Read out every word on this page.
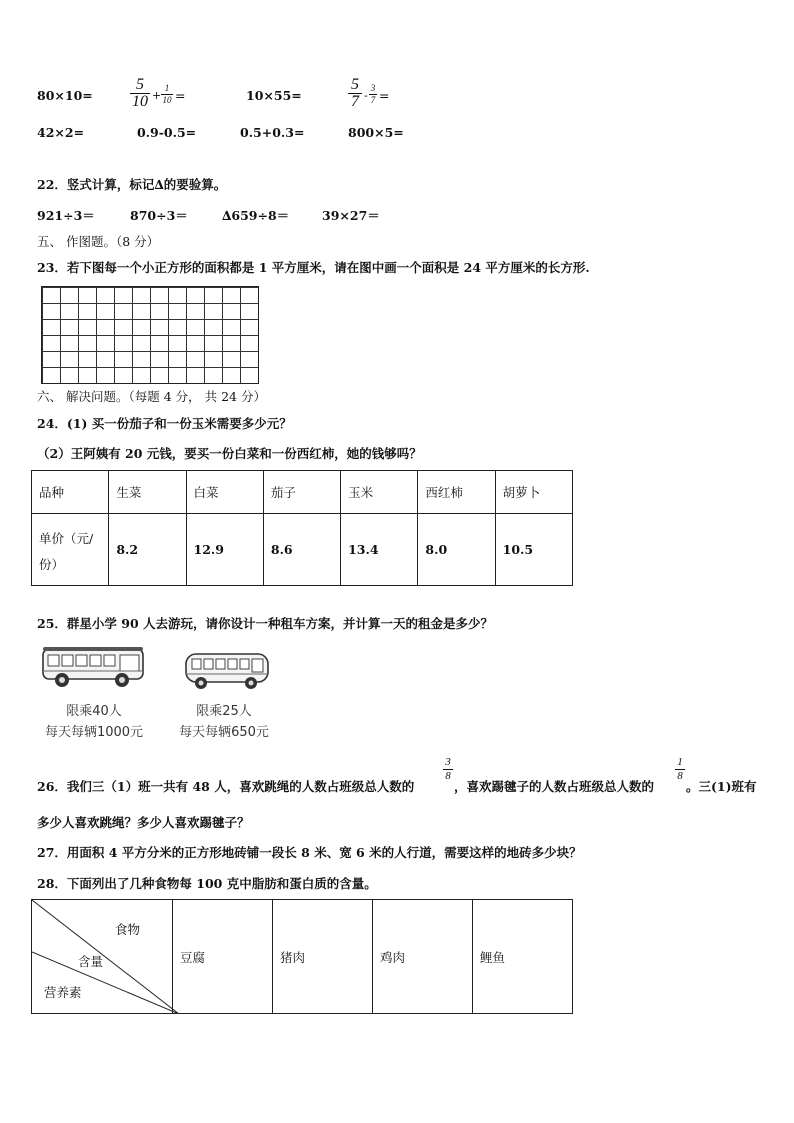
80×10=
5
10 +
1
10 =	10×55=
5
7 -
3
7 =
42×2=	0.9-0.5=	0.5+0.3=	800×5=
22．竖式计算，标记∆的要验算。
921÷3＝	870÷3＝	∆659÷8＝	39×27＝
五、 作图题。（8 分）
23．若下图每一个小正方形的面积都是 1 平方厘米，请在图中画一个面积是 24 平方厘米的长方形.
六、 解决问题。（每题 4 分， 共 24 分）
24．(1) 买一份茄子和一份玉米需要多少元？
（2）王阿姨有 20 元钱，要买一份白菜和一份西红柿，她的钱够吗？
品种	生菜	白菜	茄子	玉米	西红柿	胡萝卜

单价（元/
份）	8.2	12.9	8.6	13.4	8.0	10.5
25．群星小学 90 人去游玩，请你设计一种租车方案，并计算一天的租金是多少？
限乘40人
每天每辆1000元
限乘25人
每天每辆650元
26．我们三（1）班一共有 48 人，喜欢跳绳的人数占班级总人数的
3
8
，喜欢踢毽子的人数占班级总人数的
1
8
。三(1)班有
多少人喜欢跳绳？多少人喜欢踢毽子？
27．用面积 4 平方分米的正方形地砖铺一段长 8 米、宽 6 米的人行道，需要这样的地砖多少块？
28．下面列出了几种食物每 100 克中脂肪和蛋白质的含量。
食物
含量
营养素
	豆腐	猪肉	鸡肉	鲤鱼
